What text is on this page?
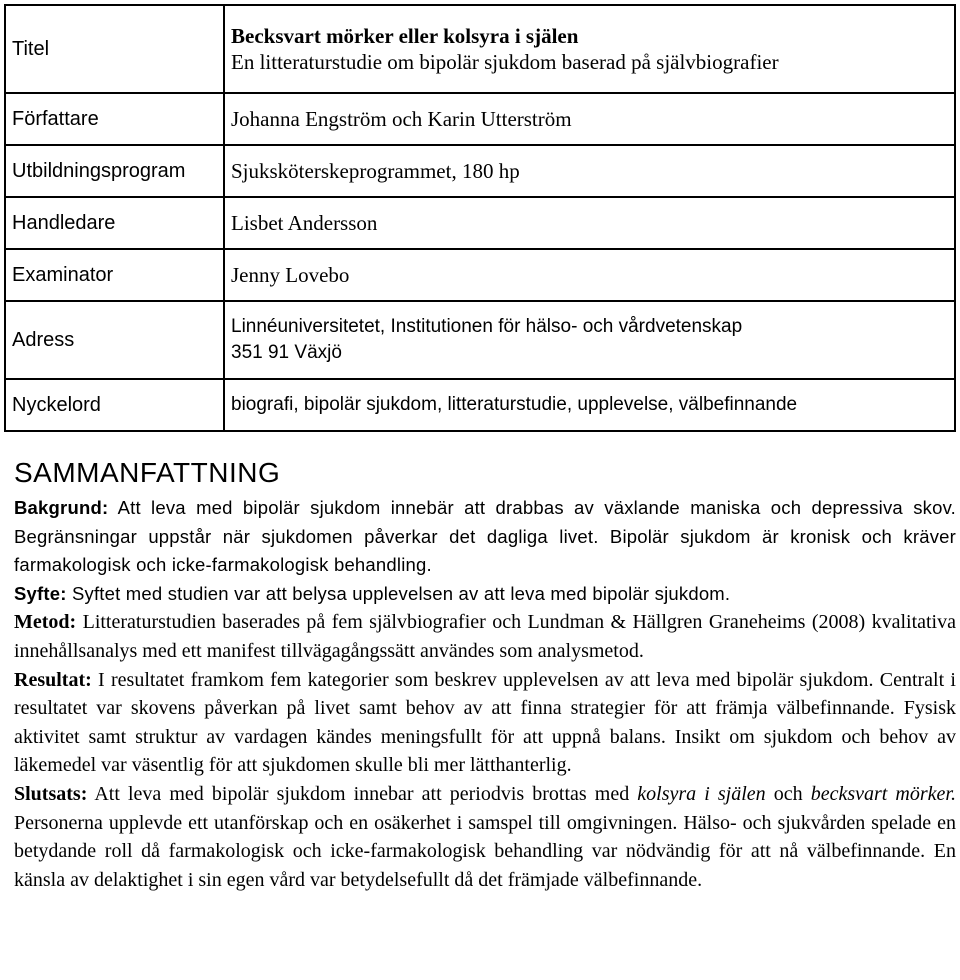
Titel	Becksvart mörker eller kolsyra i själen
En litteraturstudie om bipolär sjukdom baserad på självbiografier

Författare	Johanna Engström och Karin Utterström
Utbildningsprogram	Sjuksköterskeprogrammet, 180 hp
Handledare	Lisbet Andersson
Examinator	Jenny Lovebo
Adress	Linnéuniversitetet, Institutionen för hälso- och vårdvetenskap
351 91 Växjö

Nyckelord	biografi, bipolär sjukdom, litteraturstudie, upplevelse, välbefinnande
SAMMANFATTNING

Bakgrund: Att leva med bipolär sjukdom innebär att drabbas av växlande maniska och depressiva skov. Begränsningar uppstår när sjukdomen påverkar det dagliga livet. Bipolär sjukdom är kronisk och kräver farmakologisk och icke-farmakologisk behandling.

Syfte: Syftet med studien var att belysa upplevelsen av att leva med bipolär sjukdom.

Metod: Litteraturstudien baserades på fem självbiografier och Lundman & Hällgren Graneheims (2008) kvalitativa innehållsanalys med ett manifest tillvägagångssätt användes som analysmetod.

Resultat: I resultatet framkom fem kategorier som beskrev upplevelsen av att leva med bipolär sjukdom. Centralt i resultatet var skovens påverkan på livet samt behov av att finna strategier för att främja välbefinnande. Fysisk aktivitet samt struktur av vardagen kändes meningsfullt för att uppnå balans. Insikt om sjukdom och behov av läkemedel var väsentlig för att sjukdomen skulle bli mer lätthanterlig.

Slutsats: Att leva med bipolär sjukdom innebar att periodvis brottas med kolsyra i själen och becksvart mörker. Personerna upplevde ett utanförskap och en osäkerhet i samspel till omgivningen. Hälso- och sjukvården spelade en betydande roll då farmakologisk och icke-farmakologisk behandling var nödvändig för att nå välbefinnande. En känsla av delaktighet i sin egen vård var betydelsefullt då det främjade välbefinnande.
